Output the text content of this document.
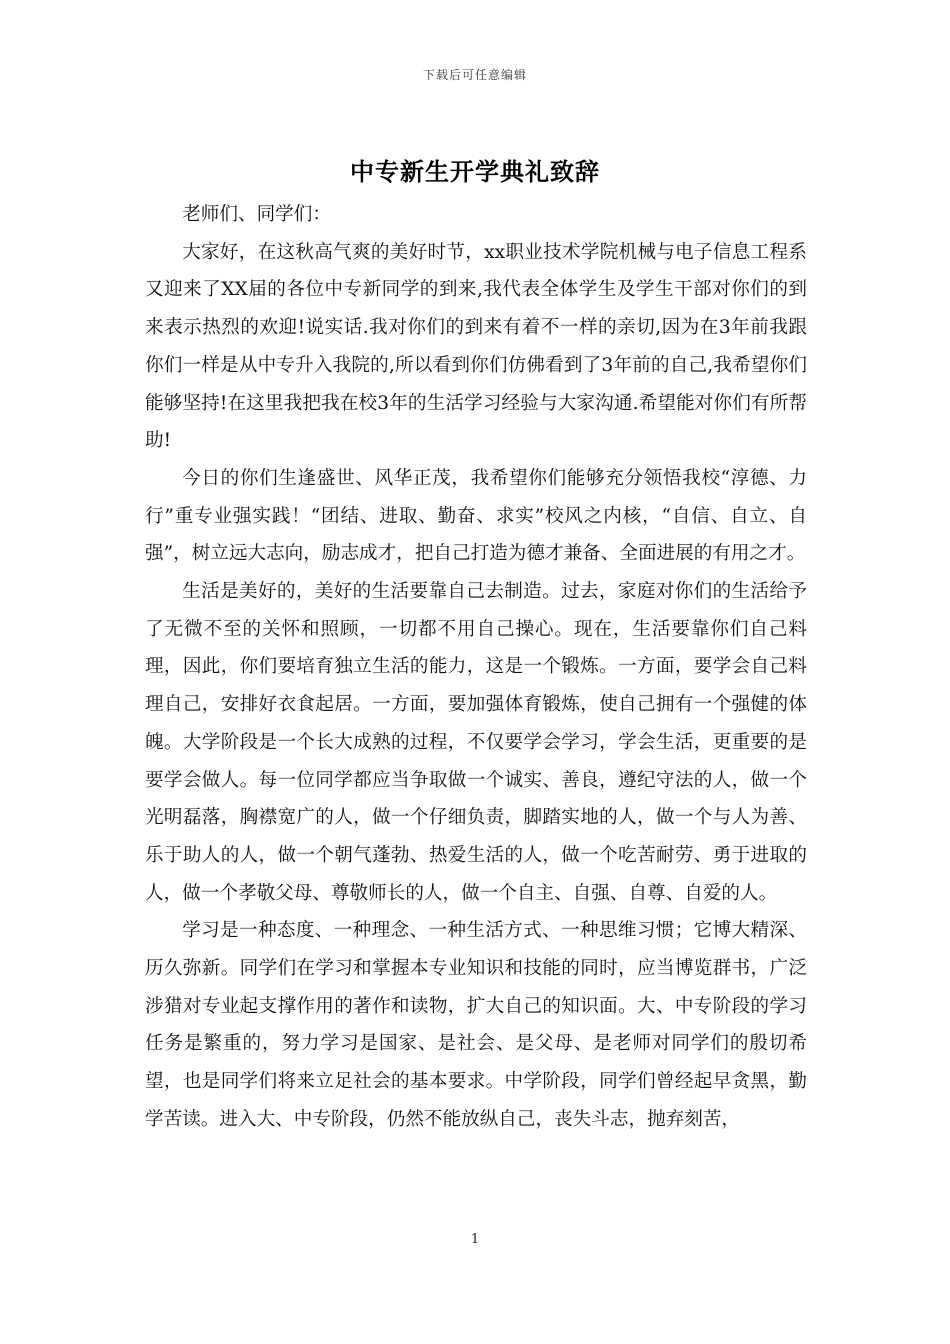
下载后可任意编辑
中专新生开学典礼致辞

老师们、同学们：

大家好，在这秋高气爽的美好时节，xx职业技术学院机械与电子信息工程系又迎来了XX届的各位中专新同学的到来,我代表全体学生及学生干部对你们的到来表示热烈的欢迎!说实话.我对你们的到来有着不一样的亲切,因为在3年前我跟你们一样是从中专升入我院的,所以看到你们仿佛看到了3年前的自己,我希望你们能够坚持!在这里我把我在校3年的生活学习经验与大家沟通.希望能对你们有所帮助!

今日的你们生逢盛世、风华正茂，我希望你们能够充分领悟我校“淳德、力行”重专业强实践！“团结、进取、勤奋、求实”校风之内核，“自信、自立、自强”，树立远大志向，励志成才，把自己打造为德才兼备、全面进展的有用之才。

生活是美好的，美好的生活要靠自己去制造。过去，家庭对你们的生活给予了无微不至的关怀和照顾，一切都不用自己操心。现在，生活要靠你们自己料理，因此，你们要培育独立生活的能力，这是一个锻炼。一方面，要学会自己料理自己，安排好衣食起居。一方面，要加强体育锻炼，使自己拥有一个强健的体魄。大学阶段是一个长大成熟的过程，不仅要学会学习，学会生活，更重要的是要学会做人。每一位同学都应当争取做一个诚实、善良，遵纪守法的人，做一个光明磊落，胸襟宽广的人，做一个仔细负责，脚踏实地的人，做一个与人为善、乐于助人的人，做一个朝气蓬勃、热爱生活的人，做一个吃苦耐劳、勇于进取的人，做一个孝敬父母、尊敬师长的人，做一个自主、自强、自尊、自爱的人。

学习是一种态度、一种理念、一种生活方式、一种思维习惯；它博大精深、历久弥新。同学们在学习和掌握本专业知识和技能的同时，应当博览群书，广泛涉猎对专业起支撑作用的著作和读物，扩大自己的知识面。大、中专阶段的学习任务是繁重的，努力学习是国家、是社会、是父母、是老师对同学们的殷切希望，也是同学们将来立足社会的基本要求。中学阶段，同学们曾经起早贪黑，勤学苦读。进入大、中专阶段，仍然不能放纵自己，丧失斗志，抛弃刻苦，

1
